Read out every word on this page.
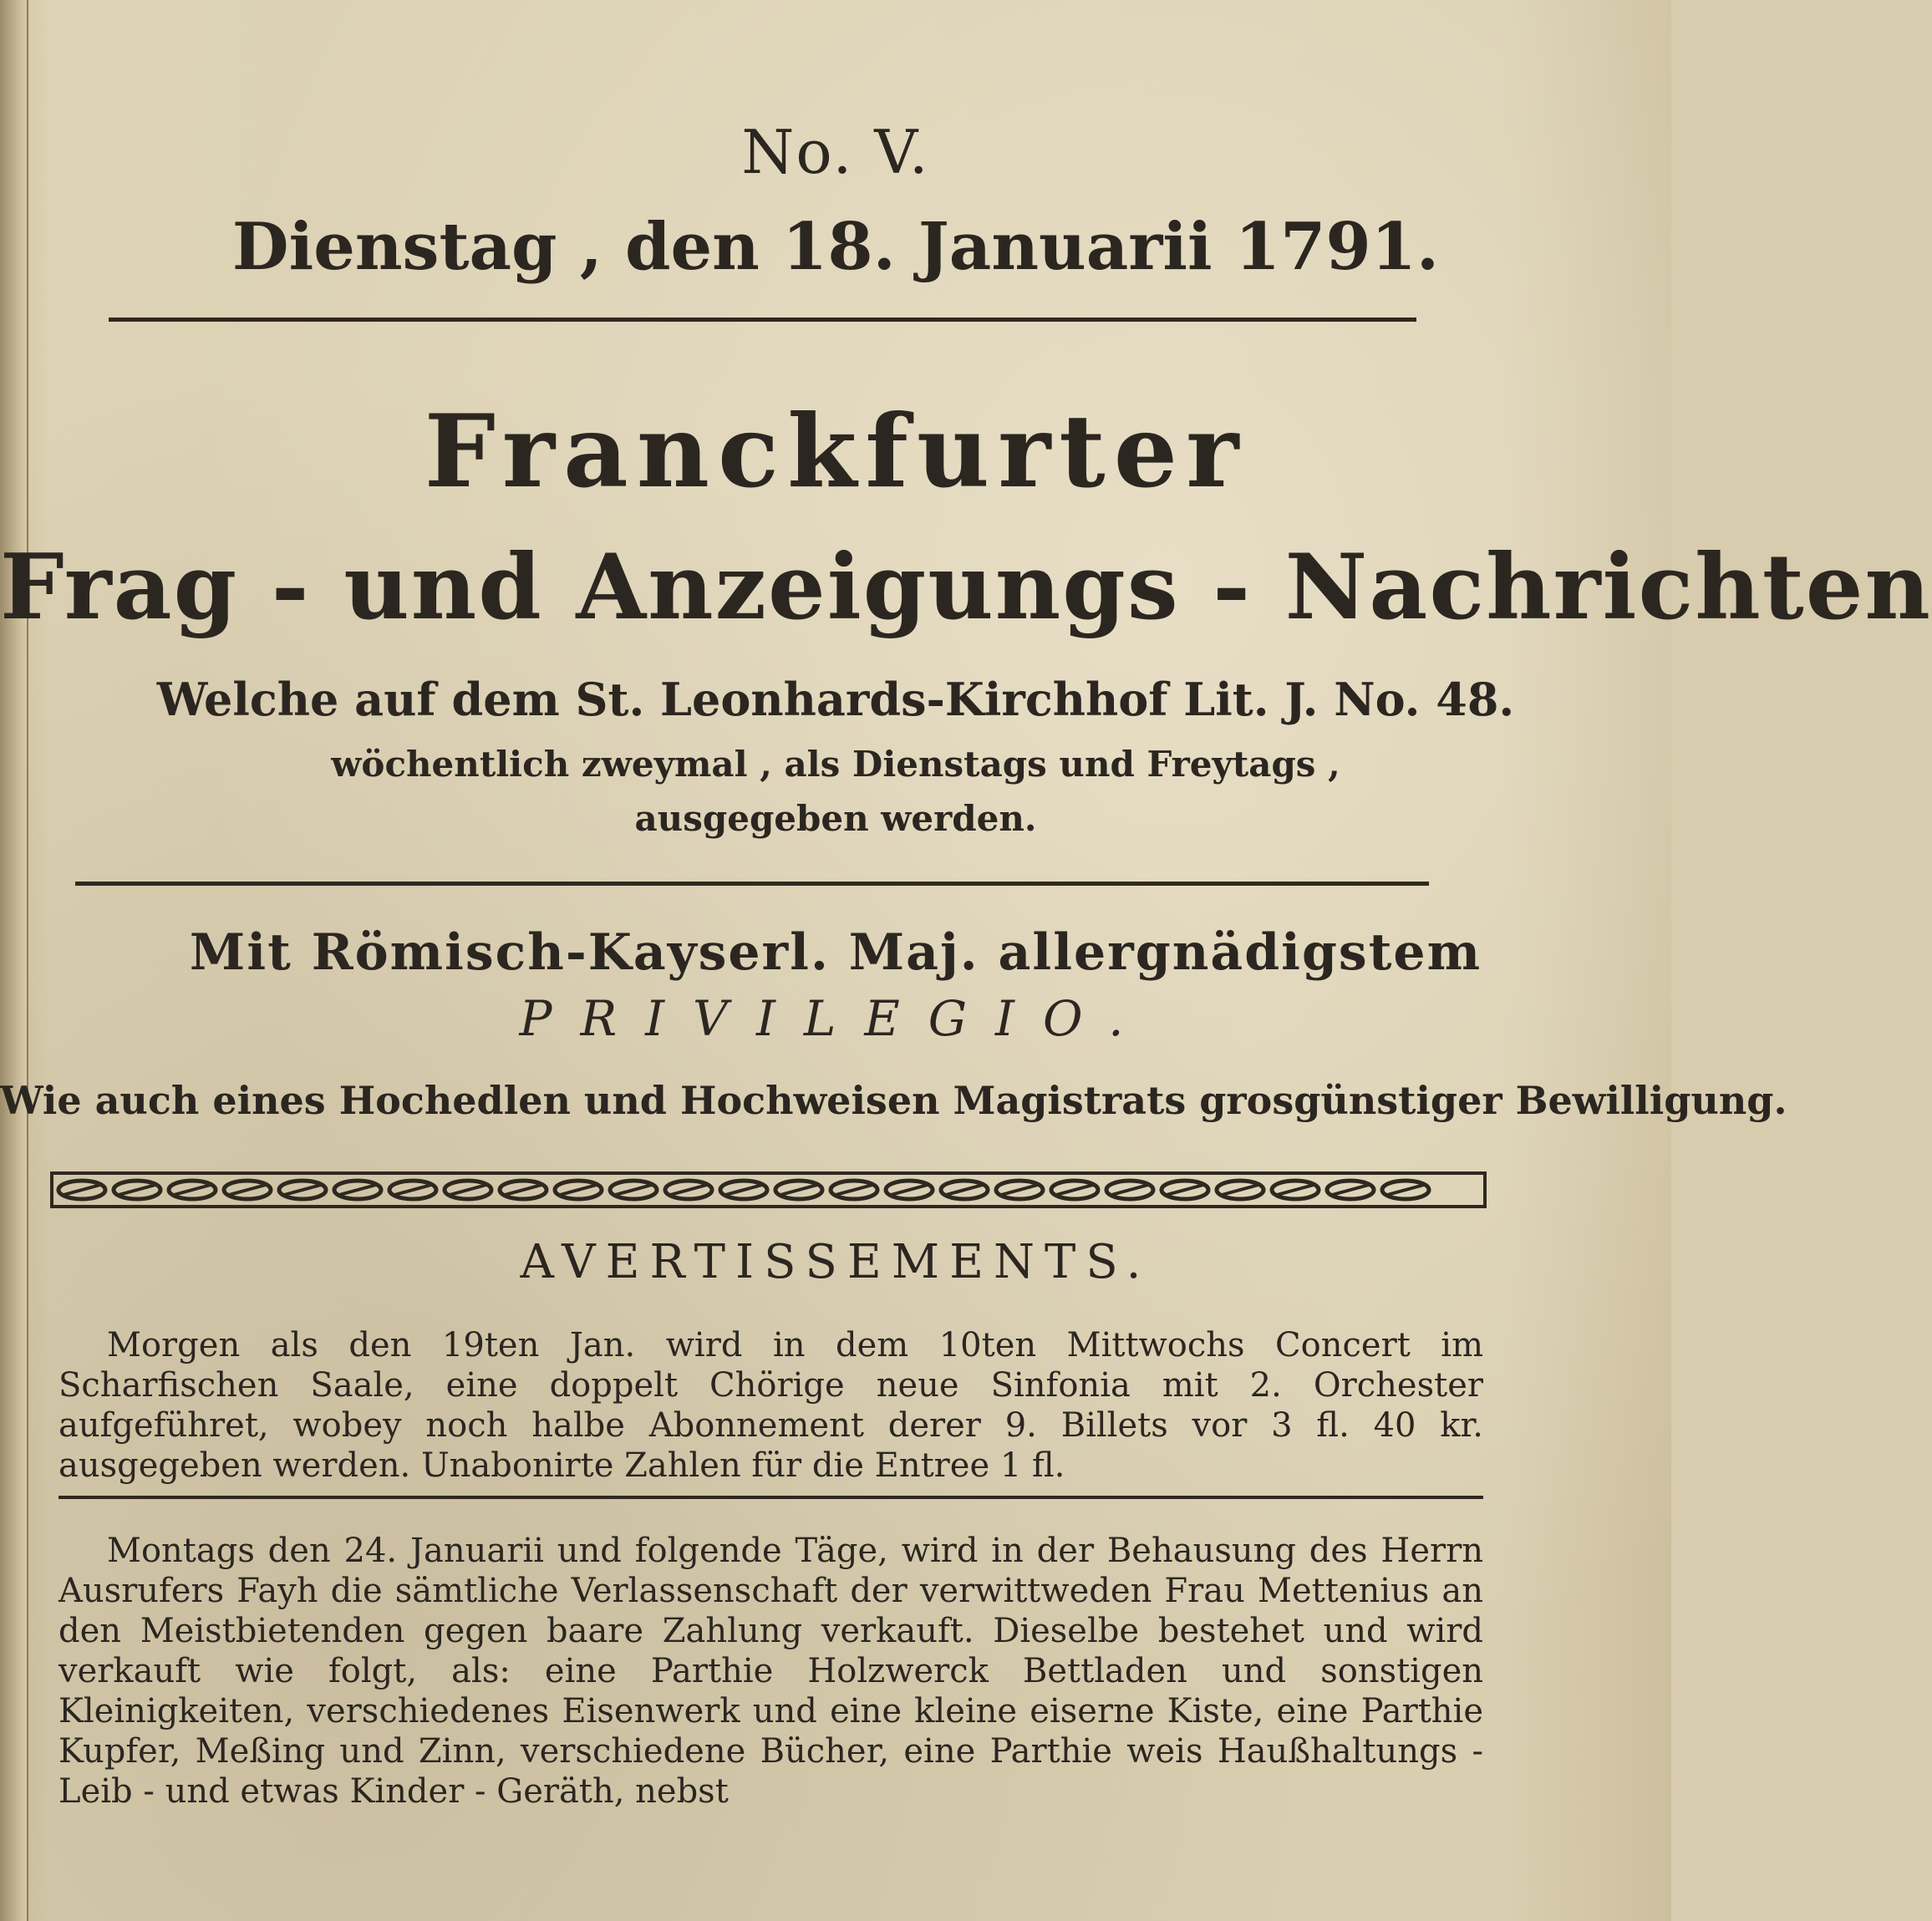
No. V.
Dienstag , den 18. Januarii 1791.
Franckfurter
Frag - und Anzeigungs - Nachrichten
Welche auf dem St. Leonhards-Kirchhof Lit. J. No. 48.
wöchentlich zweymal , als Dienstags und Freytags ,
ausgegeben werden.
Mit Römisch-Kayserl. Maj. allergnädigstem
PRIVILEGIO.
Wie auch eines Hochedlen und Hochweisen Magistrats grosgünstiger Bewilligung.
AVERTISSEMENTS.
Morgen als den 19ten Jan. wird in dem 10ten Mittwochs Concert im Scharfischen Saale, eine doppelt Chörige neue Sinfonia mit 2. Orchester aufgeführet, wobey noch halbe Abonnement derer 9. Billets vor 3 fl. 40 kr. ausgegeben werden. Unabonirte Zahlen für die Entree 1 fl.
Montags den 24. Januarii und folgende Täge, wird in der Behausung des Herrn Ausrufers Fayh die sämtliche Verlassenschaft der verwittweden Frau Mettenius an den Meistbietenden gegen baare Zahlung verkauft. Dieselbe bestehet und wird verkauft wie folgt, als: eine Parthie Holzwerck Bettladen und sonstigen Kleinigkeiten, verschiedenes Eisenwerk und eine kleine eiserne Kiste, eine Parthie Kupfer, Meßing und Zinn, verschiedene Bücher, eine Parthie weis Haußhaltungs - Leib - und etwas Kinder - Geräth, nebst
